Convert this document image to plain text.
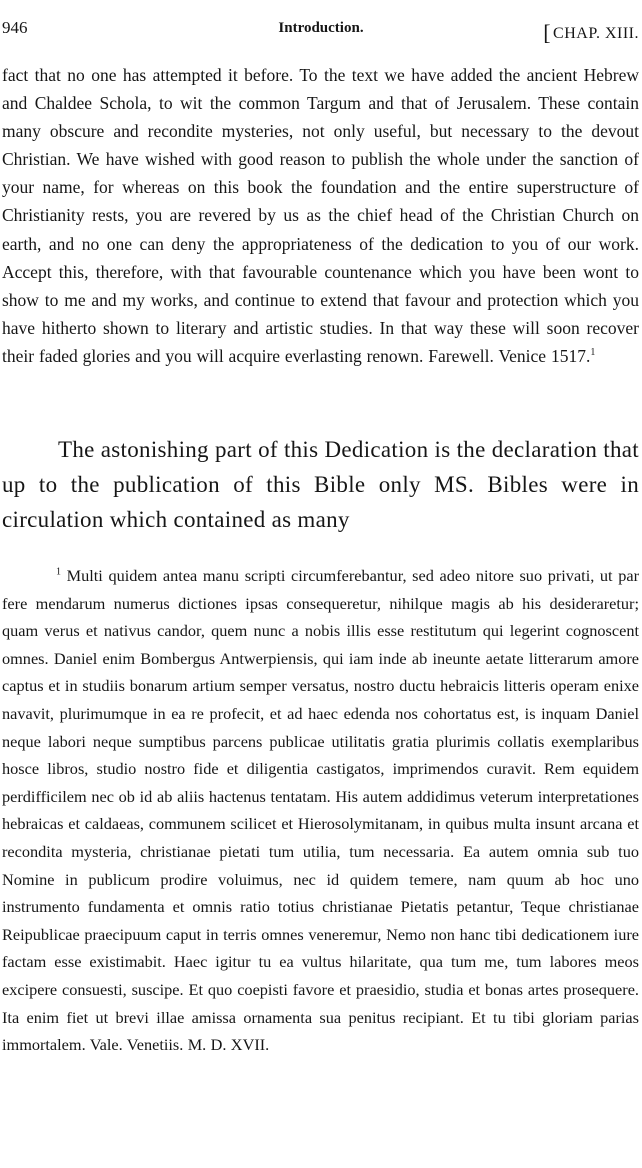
946	Introduction.	[ CHAP. XIII.

fact that no one has attempted it before. To the text we have added the ancient Hebrew and Chaldee Schola, to wit the common Targum and that of Jerusalem. These contain many obscure and recondite mysteries, not only useful, but necessary to the devout Christian. We have wished with good reason to publish the whole under the sanction of your name, for whereas on this book the foundation and the entire superstructure of Christianity rests, you are revered by us as the chief head of the Christian Church on earth, and no one can deny the appropriateness of the dedication to you of our work. Accept this, therefore, with that favourable countenance which you have been wont to show to me and my works, and continue to extend that favour and protection which you have hitherto shown to literary and artistic studies. In that way these will soon recover their faded glories and you will acquire everlasting renown. Farewell. Venice 1517.$^1$

The astonishing part of this Dedication is the declaration that up to the publication of this Bible only MS. Bibles were in circulation which contained as many

$^1$ Multi quidem antea manu scripti circumferebantur, sed adeo nitore suo privati, ut par fere mendarum numerus dictiones ipsas consequeretur, nihilque magis ab his desideraretur; quam verus et nativus candor, quem nunc a nobis illis esse restitutum qui legerint cognoscent omnes. Daniel enim Bombergus Antwerpiensis, qui iam inde ab ineunte aetate litterarum amore captus et in studiis bonarum artium semper versatus, nostro ductu hebraicis litteris operam enixe navavit, plurimumque in ea re profecit, et ad haec edenda nos cohortatus est, is inquam Daniel neque labori neque sumptibus parcens publicae utilitatis gratia plurimis collatis exemplaribus hosce libros, studio nostro fide et diligentia castigatos, imprimendos curavit. Rem equidem perdifficilem nec ob id ab aliis hactenus tentatam. His autem addidimus veterum interpretationes hebraicas et caldaeas, communem scilicet et Hierosolymitanam, in quibus multa insunt arcana et recondita mysteria, christianae pietati tum utilia, tum necessaria. Ea autem omnia sub tuo Nomine in publicum prodire voluimus, nec id quidem temere, nam quum ab hoc uno instrumento fundamenta et omnis ratio totius christianae Pietatis petantur, Teque christianae Reipublicae praecipuum caput in terris omnes veneremur, Nemo non hanc tibi dedicationem iure factam esse existimabit. Haec igitur tu ea vultus hilaritate, qua tum me, tum labores meos excipere consuesti, suscipe. Et quo coepisti favore et praesidio, studia et bonas artes prosequere. Ita enim fiet ut brevi illae amissa ornamenta sua penitus recipiant. Et tu tibi gloriam parias immortalem. Vale. Venetiis. M. D. XVII.
